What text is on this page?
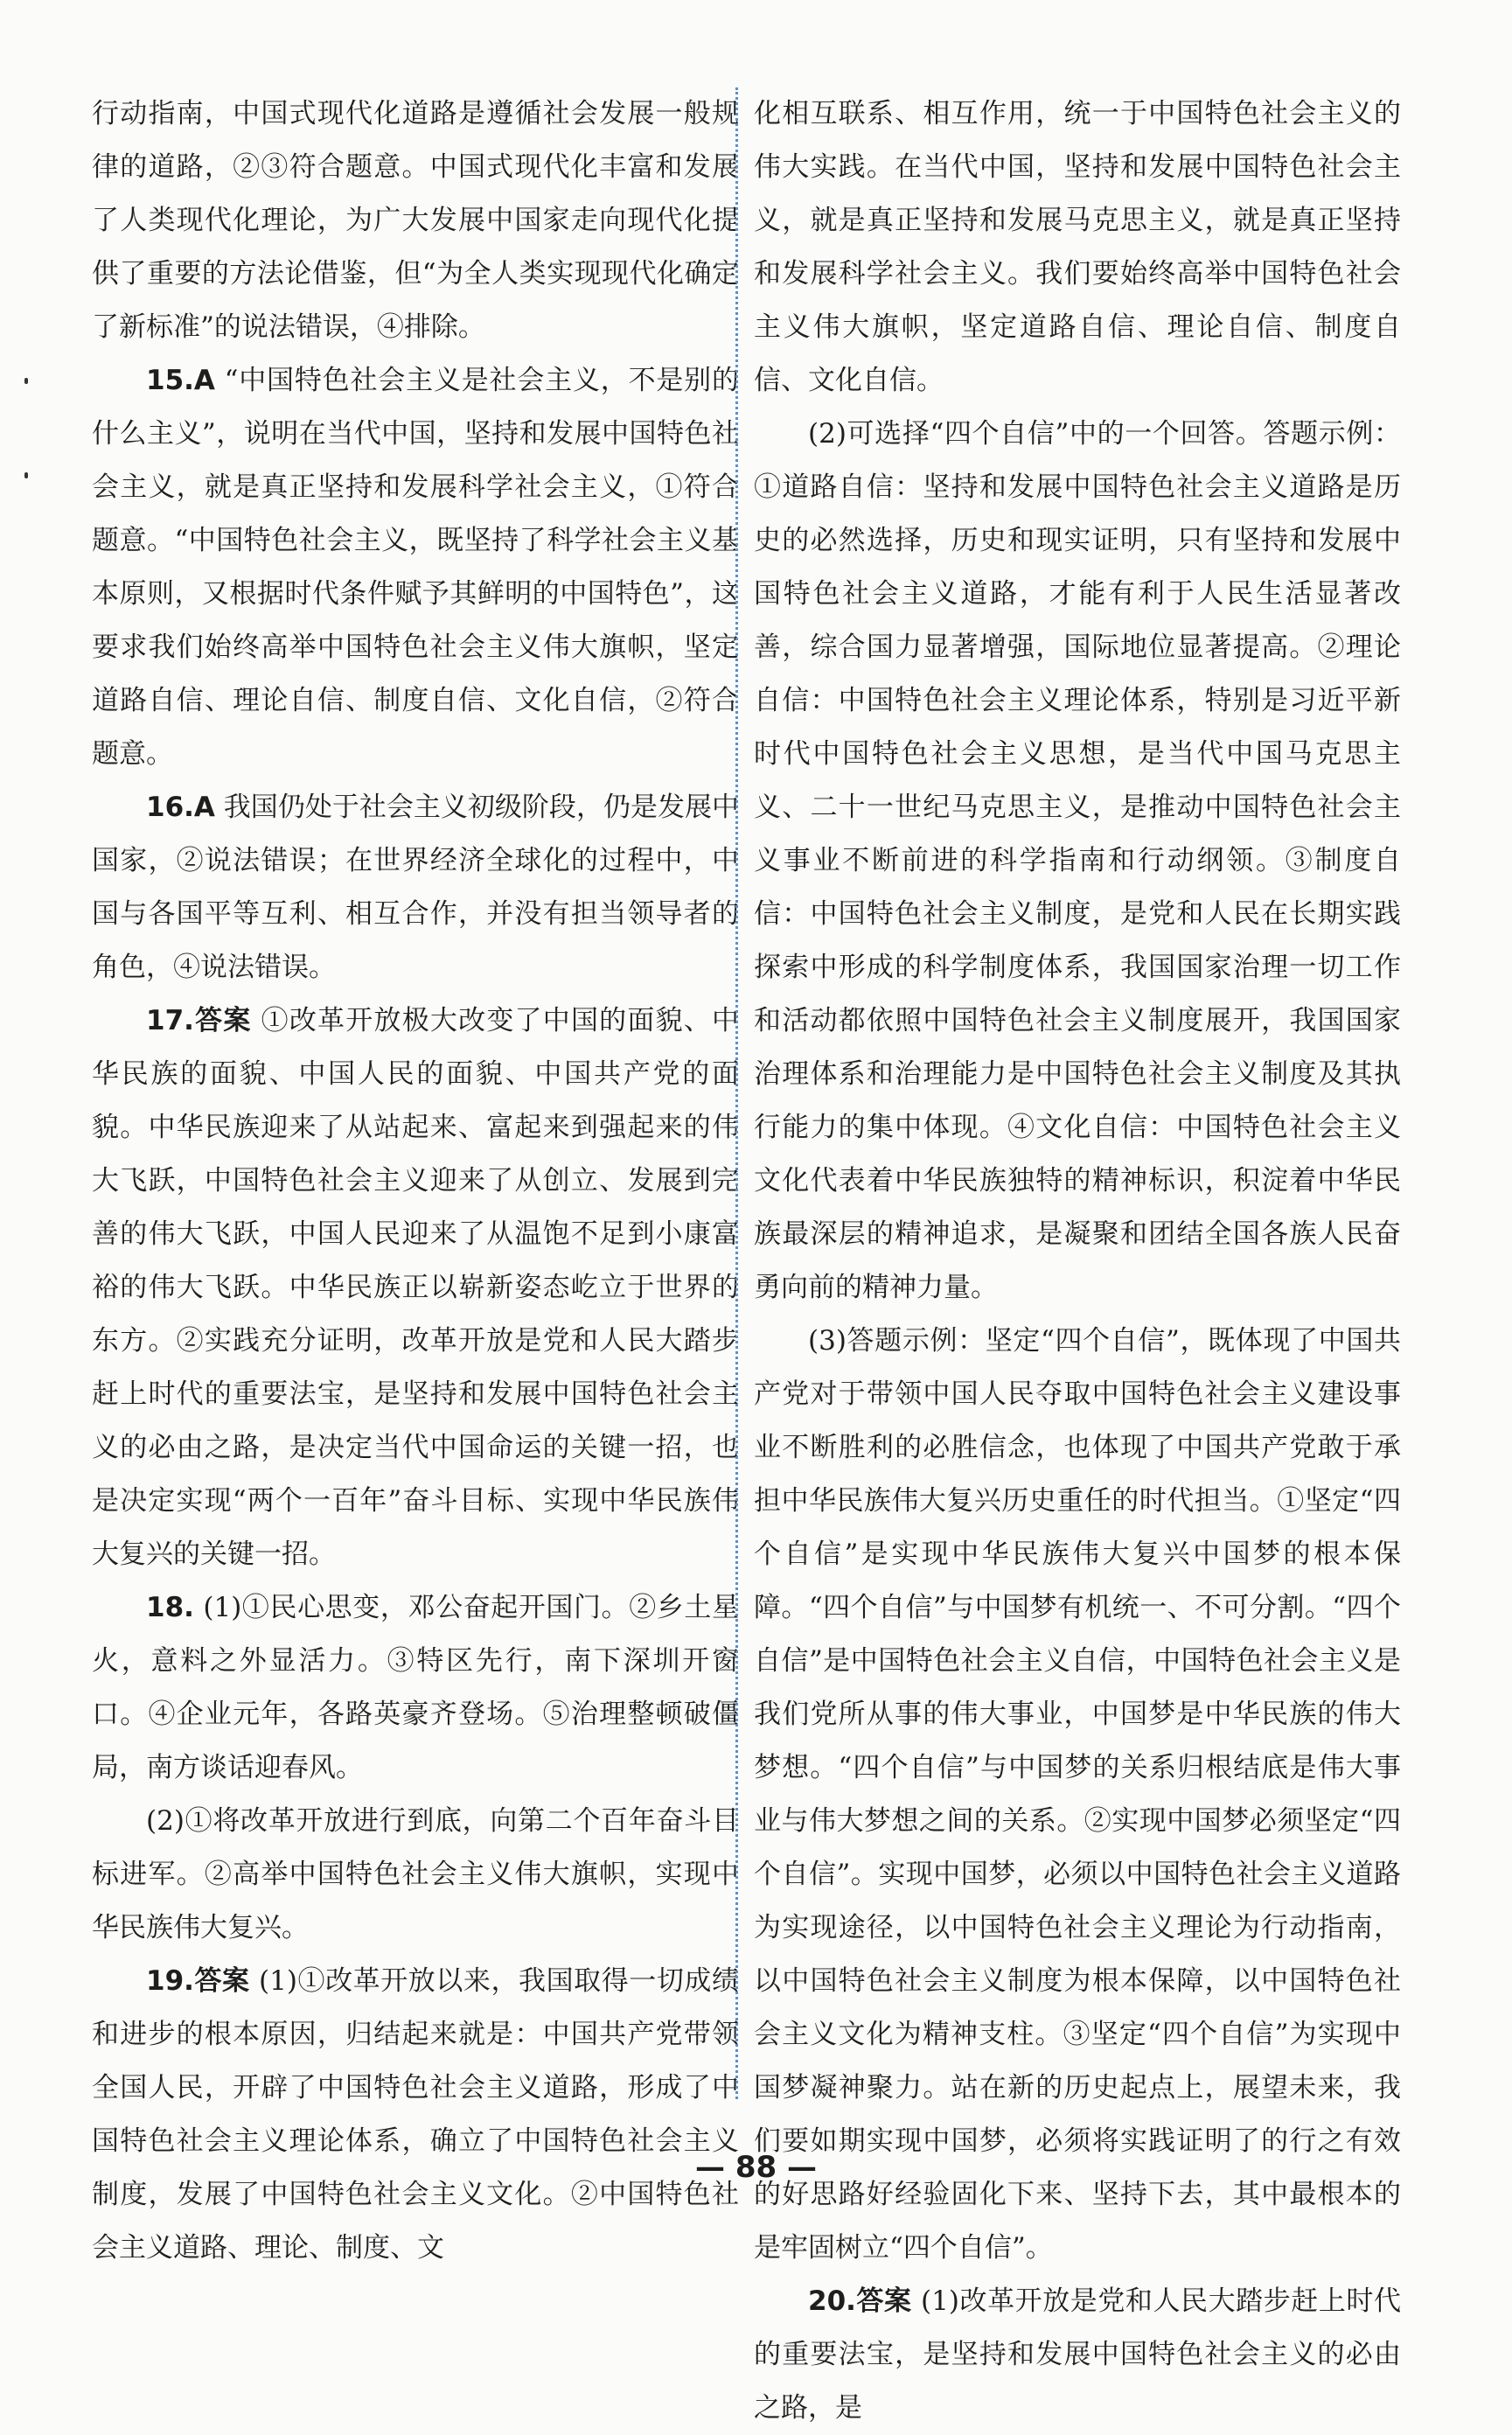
行动指南，中国式现代化道路是遵循社会发展一般规律的道路，②③符合题意。中国式现代化丰富和发展了人类现代化理论，为广大发展中国家走向现代化提供了重要的方法论借鉴，但“为全人类实现现代化确定了新标准”的说法错误，④排除。

15.A “中国特色社会主义是社会主义，不是别的什么主义”，说明在当代中国，坚持和发展中国特色社会主义，就是真正坚持和发展科学社会主义，①符合题意。“中国特色社会主义，既坚持了科学社会主义基本原则，又根据时代条件赋予其鲜明的中国特色”，这要求我们始终高举中国特色社会主义伟大旗帜，坚定道路自信、理论自信、制度自信、文化自信，②符合题意。

16.A 我国仍处于社会主义初级阶段，仍是发展中国家，②说法错误；在世界经济全球化的过程中，中国与各国平等互利、相互合作，并没有担当领导者的角色，④说法错误。

17.答案 ①改革开放极大改变了中国的面貌、中华民族的面貌、中国人民的面貌、中国共产党的面貌。中华民族迎来了从站起来、富起来到强起来的伟大飞跃，中国特色社会主义迎来了从创立、发展到完善的伟大飞跃，中国人民迎来了从温饱不足到小康富裕的伟大飞跃。中华民族正以崭新姿态屹立于世界的东方。②实践充分证明，改革开放是党和人民大踏步赶上时代的重要法宝，是坚持和发展中国特色社会主义的必由之路，是决定当代中国命运的关键一招，也是决定实现“两个一百年”奋斗目标、实现中华民族伟大复兴的关键一招。

18. (1)①民心思变，邓公奋起开国门。②乡土星火，意料之外显活力。③特区先行，南下深圳开窗口。④企业元年，各路英豪齐登场。⑤治理整顿破僵局，南方谈话迎春风。

(2)①将改革开放进行到底，向第二个百年奋斗目标进军。②高举中国特色社会主义伟大旗帜，实现中华民族伟大复兴。

19.答案 (1)①改革开放以来，我国取得一切成绩和进步的根本原因，归结起来就是：中国共产党带领全国人民，开辟了中国特色社会主义道路，形成了中国特色社会主义理论体系，确立了中国特色社会主义制度，发展了中国特色社会主义文化。②中国特色社会主义道路、理论、制度、文

化相互联系、相互作用，统一于中国特色社会主义的伟大实践。在当代中国，坚持和发展中国特色社会主义，就是真正坚持和发展马克思主义，就是真正坚持和发展科学社会主义。我们要始终高举中国特色社会主义伟大旗帜，坚定道路自信、理论自信、制度自信、文化自信。

(2)可选择“四个自信”中的一个回答。答题示例：①道路自信：坚持和发展中国特色社会主义道路是历史的必然选择，历史和现实证明，只有坚持和发展中国特色社会主义道路，才能有利于人民生活显著改善，综合国力显著增强，国际地位显著提高。②理论自信：中国特色社会主义理论体系，特别是习近平新时代中国特色社会主义思想，是当代中国马克思主义、二十一世纪马克思主义，是推动中国特色社会主义事业不断前进的科学指南和行动纲领。③制度自信：中国特色社会主义制度，是党和人民在长期实践探索中形成的科学制度体系，我国国家治理一切工作和活动都依照中国特色社会主义制度展开，我国国家治理体系和治理能力是中国特色社会主义制度及其执行能力的集中体现。④文化自信：中国特色社会主义文化代表着中华民族独特的精神标识，积淀着中华民族最深层的精神追求，是凝聚和团结全国各族人民奋勇向前的精神力量。

(3)答题示例：坚定“四个自信”，既体现了中国共产党对于带领中国人民夺取中国特色社会主义建设事业不断胜利的必胜信念，也体现了中国共产党敢于承担中华民族伟大复兴历史重任的时代担当。①坚定“四个自信”是实现中华民族伟大复兴中国梦的根本保障。“四个自信”与中国梦有机统一、不可分割。“四个自信”是中国特色社会主义自信，中国特色社会主义是我们党所从事的伟大事业，中国梦是中华民族的伟大梦想。“四个自信”与中国梦的关系归根结底是伟大事业与伟大梦想之间的关系。②实现中国梦必须坚定“四个自信”。实现中国梦，必须以中国特色社会主义道路为实现途径，以中国特色社会主义理论为行动指南，以中国特色社会主义制度为根本保障，以中国特色社会主义文化为精神支柱。③坚定“四个自信”为实现中国梦凝神聚力。站在新的历史起点上，展望未来，我们要如期实现中国梦，必须将实践证明了的行之有效的好思路好经验固化下来、坚持下去，其中最根本的是牢固树立“四个自信”。

20.答案 (1)改革开放是党和人民大踏步赶上时代的重要法宝，是坚持和发展中国特色社会主义的必由之路，是

— 88 —
